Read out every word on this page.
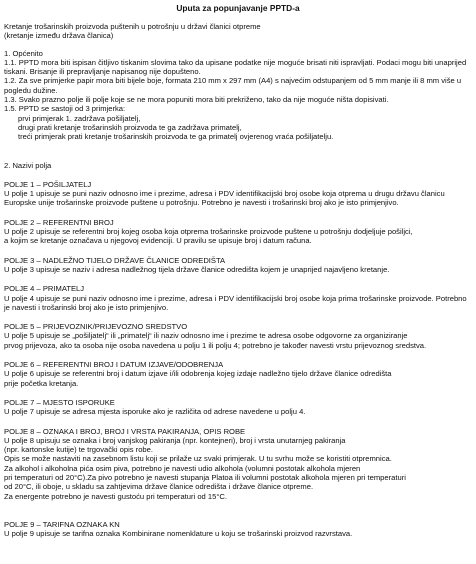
Uputa za popunjavanje PPTD-a

Kretanje trošarinskih proizvoda puštenih u potrošnju u državi članici otpreme

(kretanje između država članica)

1. Općenito

1.1. PPTD mora biti ispisan čitljivo tiskanim slovima tako da upisane podatke nije moguće brisati niti ispravljati. Podaci mogu biti unaprijed

tiskani. Brisanje ili prepravljanje napisanog nije dopušteno.

1.2. Za sve primjerke papir mora biti bijele boje, formata 210 mm x 297 mm (A4) s najvećim odstupanjem od 5 mm manje ili 8 mm više u

pogledu dužine.

1.3. Svako prazno polje ili polje koje se ne mora popuniti mora biti prekriženo, tako da nije moguće ništa dopisivati.

1.5. PPTD se sastoji od 3 primjerka:

prvi primjerak 1. zadržava pošiljatelj,

drugi prati kretanje trošarinskih proizvoda te ga zadržava primatelj,

treći primjerak prati kretanje trošarinskih proizvoda te ga primatelj ovjerenog vraća pošiljatelju.

2. Nazivi polja

POLJE 1 – POŠILJATELJ

U polje 1 upisuje se puni naziv odnosno ime i prezime, adresa i PDV identifikacijski broj osobe koja otprema u drugu državu članicu

Europske unije trošarinske proizvode puštene u potrošnju. Potrebno je navesti i trošarinski broj ako je isto primjenjivo.

POLJE 2 – REFERENTNI BROJ

U polje 2 upisuje se referentni broj kojeg osoba koja otprema trošarinske proizvode puštene u potrošnju dodjeljuje pošiljci,

a kojim se kretanje označava u njegovoj evidenciji. U pravilu se upisuje broj i datum računa.

POLJE 3 – NADLEŽNO TIJELO DRŽAVE ČLANICE ODREDIŠTA

U polje 3 upisuje se naziv i adresa nadležnog tijela države članice odredišta kojem je unaprijed najavljeno kretanje.

POLJE 4 – PRIMATELJ

U polje 4 upisuje se puni naziv odnosno ime i prezime, adresa i PDV identifikacijski broj osobe koja prima trošarinske proizvode. Potrebno

je navesti i trošarinski broj ako je isto primjenjivo.

POLJE 5 – PRIJEVOZNIK/PRIJEVOZNO SREDSTVO

U polje 5 upisuje se „pošiljatelj“ ili „primatelj“ ili naziv odnosno ime i prezime te adresa osobe odgovorne za organiziranje

prvog prijevoza, ako ta osoba nije osoba navedena u polju 1 ili polju 4; potrebno je također navesti vrstu prijevoznog sredstva.

POLJE 6 – REFERENTNI BROJ I DATUM IZJAVE/ODOBRENJA

U polje 6 upisuje se referentni broj i datum izjave i/ili odobrenja kojeg izdaje nadležno tijelo države članice odredišta

prije početka kretanja.

POLJE 7 – MJESTO ISPORUKE

U polje 7 upisuje se adresa mjesta isporuke ako je različita od adrese navedene u polju 4.

POLJE 8 – OZNAKA I BROJ, BROJ I VRSTA PAKIRANJA, OPIS ROBE

U polje 8 upisuju se oznaka i broj vanjskog pakiranja (npr. kontejneri), broj i vrsta unutarnjeg pakiranja

(npr. kartonske kutije) te trgovački opis robe.

Opis se može nastaviti na zasebnom listu koji se prilaže uz svaki primjerak. U tu svrhu može se koristiti otpremnica.

Za alkohol i alkoholna pića osim piva, potrebno je navesti udio alkohola (volumni postotak alkohola mjeren

pri temperaturi od 20°C).Za pivo potrebno je navesti stupanja Platoa ili volumni postotak alkohola mjeren pri temperaturi

od 20°C, ili oboje, u skladu sa zahtjevima države članice odredišta i države članice otpreme.

Za energente potrebno je navesti gustoću pri temperaturi od 15°C.

POLJE 9 – TARIFNA OZNAKA KN

U polje 9 upisuje se tarifna oznaka Kombinirane nomenklature u koju se trošarinski proizvod razvrstava.
